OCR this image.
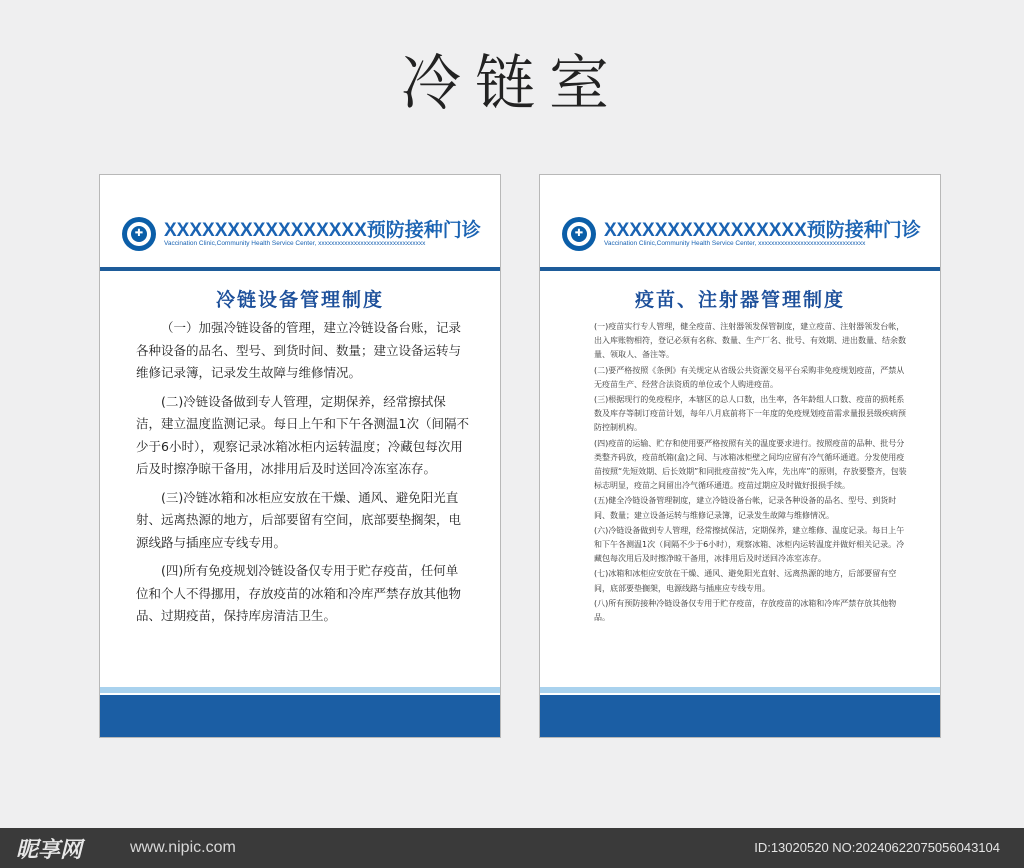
冷链室
✚ XXXXXXXXXXXXXXXX预防接种门诊
Vaccination Clinic,Community Health Service Center, xxxxxxxxxxxxxxxxxxxxxxxxxxxxxxxxx
冷链设备管理制度

（一）加强冷链设备的管理，建立冷链设备台账，记录各种设备的品名、型号、到货时间、数量；建立设备运转与维修记录簿，记录发生故障与维修情况。

(二)冷链设备做到专人管理，定期保养，经常擦拭保洁，建立温度监测记录。每日上午和下午各测温1次（间隔不少于6小时），观察记录冰箱冰柜内运转温度；冷藏包每次用后及时擦净晾干备用，冰排用后及时送回冷冻室冻存。

(三)冷链冰箱和冰柜应安放在干燥、通风、避免阳光直射、远离热源的地方，后部要留有空间，底部要垫搁架，电源线路与插座应专线专用。

(四)所有免疫规划冷链设备仅专用于贮存疫苗，任何单位和个人不得挪用，存放疫苗的冰箱和冷库严禁存放其他物品、过期疫苗，保持库房清洁卫生。

✚ XXXXXXXXXXXXXXXX预防接种门诊
Vaccination Clinic,Community Health Service Center, xxxxxxxxxxxxxxxxxxxxxxxxxxxxxxxxx
疫苗、注射器管理制度

(一)疫苗实行专人管理，健全疫苗、注射器领发保管制度，建立疫苗、注射器领发台帐，出入库账物相符，登记必须有名称、数量、生产厂名、批号、有效期、进出数量、结余数量、领取人、备注等。

(二)要严格按照《条例》有关规定从省级公共资源交易平台采购非免疫规划疫苗，严禁从无疫苗生产、经营合法资质的单位或个人购进疫苗。

(三)根据现行的免疫程序，本辖区的总人口数，出生率，各年龄组人口数、疫苗的损耗系数及库存等制订疫苗计划，每年八月底前将下一年度的免疫规划疫苗需求量报县级疾病预防控制机构。

(四)疫苗的运输、贮存和使用要严格按照有关的温度要求进行。按照疫苗的品种、批号分类整齐码放，疫苗纸箱(盒)之间、与冰箱冰柜壁之间均应留有冷气循环通道。分发使用疫苗按照“先短效期、后长效期”和同批疫苗按“先入库，先出库”的原则，存放要整齐，包装标志明显，疫苗之间留出冷气循环通道。疫苗过期应及时做好报损手续。

(五)健全冷链设备管理制度，建立冷链设备台帐，记录各种设备的品名、型号、到货时间、数量；建立设备运转与维修记录簿，记录发生故障与维修情况。

(六)冷链设备做到专人管理，经常擦拭保洁，定期保养，建立维修、温度记录。每日上午和下午各测温1次（间隔不少于6小时），观察冰箱、冰柜内运转温度并做好相关记录。冷藏包每次用后及时擦净晾干备用，冰排用后及时送回冷冻室冻存。

(七)冰箱和冰柜应安放在干燥、通风、避免阳光直射、远离热源的地方，后部要留有空间，底部要垫搁架，电源线路与插座应专线专用。

(八)所有预防接种冷链设备仅专用于贮存疫苗，存放疫苗的冰箱和冷库严禁存放其他物品。

昵享网	www.nipic.com	ID:13020520 NO:20240622075056043104
